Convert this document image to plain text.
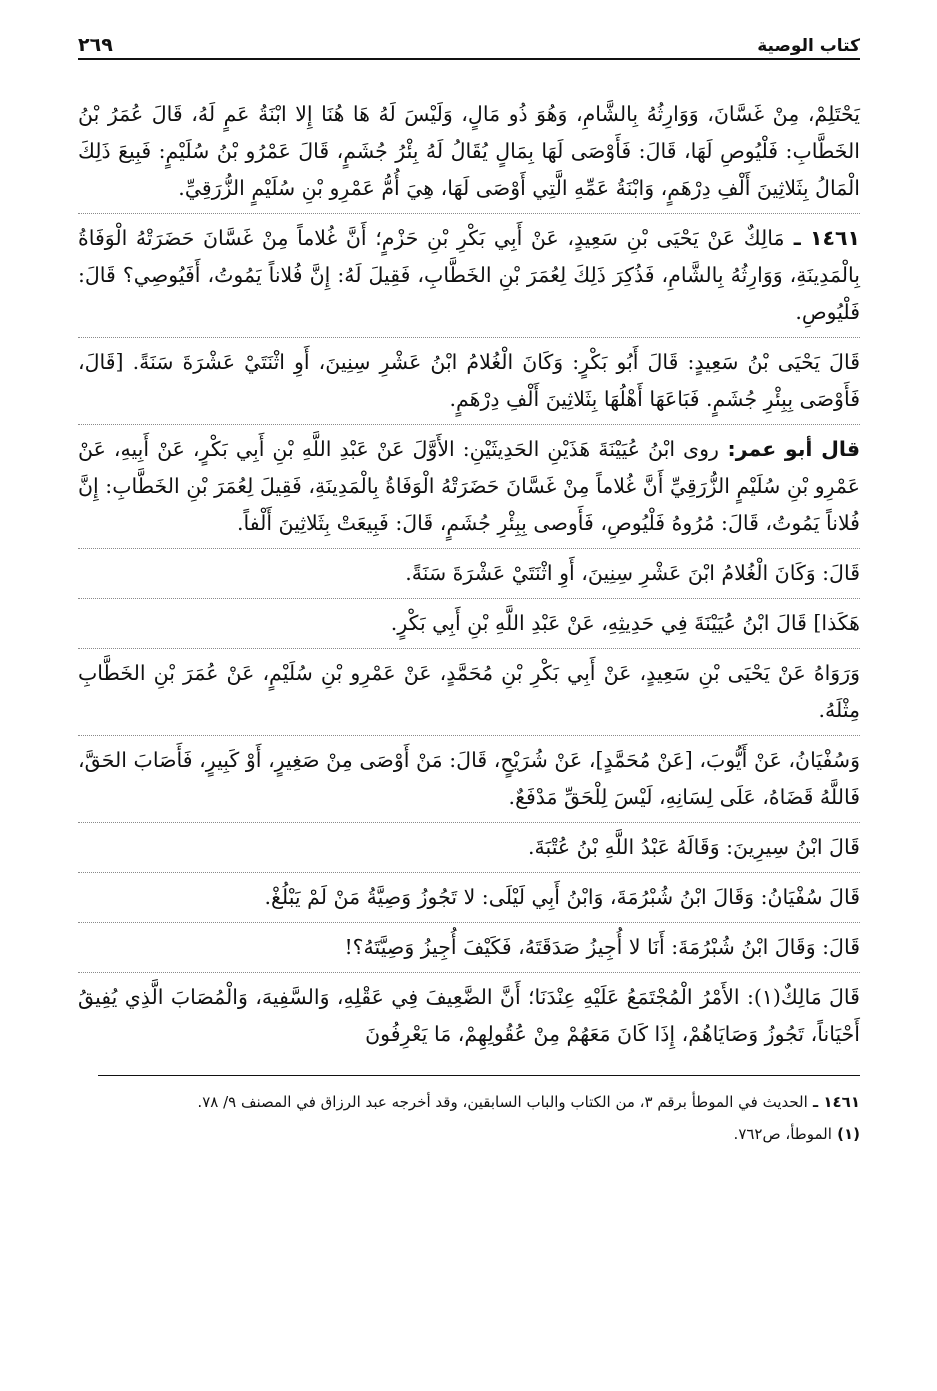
كتاب الوصية
٢٦٩

يَحْتَلِمْ، مِنْ غَسَّانَ، وَوَارِثُهُ بِالشَّامِ، وَهُوَ ذُو مَالٍ، وَلَيْسَ لَهُ هَا هُنَا إِلا ابْنَةُ عَمٍ لَهُ، قَالَ عُمَرُ بْنُ الخَطَّابِ: فَلْيُوصِ لَهَا، قَالَ: فَأَوْصَى لَهَا بِمَالٍ يُقَالُ لَهُ بِئْرُ جُشَمٍ، قَالَ عَمْرُو بْنُ سُلَيْمٍ: فَبِيعَ ذَلِكَ الْمَالُ بِثَلاثِينَ أَلْفِ دِرْهَمٍ، وَابْنَةُ عَمِّهِ الَّتِي أَوْصَى لَهَا، هِيَ أُمُّ عَمْرِو بْنِ سُلَيْمٍ الزُّرَقِيِّ.

١٤٦١ ـ مَالِكٌ عَنْ يَحْيَى بْنِ سَعِيدٍ، عَنْ أَبِي بَكْرِ بْنِ حَزْمٍ؛ أَنَّ غُلاماً مِنْ غَسَّانَ حَضَرَتْهُ الْوَفَاةُ بِالْمَدِينَةِ، وَوَارِثُهُ بِالشَّامِ، فَذُكِرَ ذَلِكَ لِعُمَرَ بْنِ الخَطَّابِ، فَقِيلَ لَهُ: إِنَّ فُلاناً يَمُوتُ، أَفَيُوصِي؟ قَالَ: فَلْيُوصِ.

قَالَ يَحْيَى بْنُ سَعِيدٍ: قَالَ أَبُو بَكْرٍ: وَكَانَ الْغُلامُ ابْنُ عَشْرِ سِنِينَ، أَوِ اثْنَتَيْ عَشْرَةَ سَنَةً. [قَالَ، فَأَوْصَى بِبِئْرِ جُشَمٍ. فَبَاعَهَا أَهْلُهَا بِثَلاثِينَ أَلْفِ دِرْهَمٍ.

قال أبو عمر: روى ابْنُ عُيَيْنَةَ هَذَيْنِ الحَدِيثَيْنِ: الأَوَّلَ عَنْ عَبْدِ اللَّهِ بْنِ أَبِي بَكْرٍ، عَنْ أَبِيهِ، عَنْ عَمْرِو بْنِ سُلَيْمٍ الزُّرَقِيِّ أَنَّ غُلاماً مِنْ غَسَّانَ حَضَرَتْهُ الْوَفَاةُ بِالْمَدِينَةِ، فَقِيلَ لِعُمَرَ بْنِ الخَطَّابِ: إِنَّ فُلاناً يَمُوتُ، قَالَ: مُرُوهُ فَلْيُوصِ، فَأَوصى بِبِئْرِ جُشَمٍ، قَالَ: فَبِيعَتْ بِثَلاثِينَ أَلْفاً.

قَالَ: وَكَانَ الْغُلامُ ابْنَ عَشْرِ سِنِينَ، أَوِ اثْنَتَيْ عَشْرَةَ سَنَةً.

هَكَذا] قَالَ ابْنُ عُيَيْنَةَ فِي حَدِيثِهِ، عَنْ عَبْدِ اللَّهِ بْنِ أَبِي بَكْرٍ.

وَرَوَاهُ عَنْ يَحْيَى بْنِ سَعِيدٍ، عَنْ أَبِي بَكْرِ بْنِ مُحَمَّدٍ، عَنْ عَمْرِو بْنِ سُلَيْمٍ، عَنْ عُمَرَ بْنِ الخَطَّابِ مِثْلَهُ.

وَسُفْيَانُ، عَنْ أَيُّوبَ، [عَنْ مُحَمَّدٍ]، عَنْ شُرَيْحٍ، قَالَ: مَنْ أَوْصَى مِنْ صَغِيرٍ، أَوْ كَبِيرٍ، فَأَصَابَ الحَقَّ، فَاللَّهُ قَضَاهُ، عَلَى لِسَانِهِ، لَيْسَ لِلْحَقِّ مَدْفَعٌ.

قَالَ ابْنُ سِيرِينَ: وَقَالَهُ عَبْدُ اللَّهِ بْنُ عُتْبَةَ.

قَالَ سُفْيَانُ: وَقَالَ ابْنُ شُبْرُمَةَ، وَابْنُ أَبِي لَيْلَى: لا تَجُوزُ وَصِيَّةُ مَنْ لَمْ يَبْلُغْ.

قَالَ: وَقَالَ ابْنُ شُبْرُمَةَ: أَنَا لا أُجِيزُ صَدَقَتَهُ، فَكَيْفَ أُجِيزُ وَصِيَّتَهُ؟!

قَالَ مَالِكٌ(١): الأَمْرُ الْمُجْتَمَعُ عَلَيْهِ عِنْدَنَا؛ أَنَّ الضَّعِيفَ فِي عَقْلِهِ، وَالسَّفِيهَ، وَالْمُصَابَ الَّذِي يُفِيقُ أَحْيَاناً، تَجُوزُ وَصَايَاهُمْ، إِذَا كَانَ مَعَهُمْ مِنْ عُقُولِهِمْ، مَا يَعْرِفُونَ

١٤٦١ ـ الحديث في الموطأ برقم ٣، من الكتاب والباب السابقين، وقد أخرجه عبد الرزاق في المصنف ٩/ ٧٨.

(١) الموطأ، ص٧٦٢.
